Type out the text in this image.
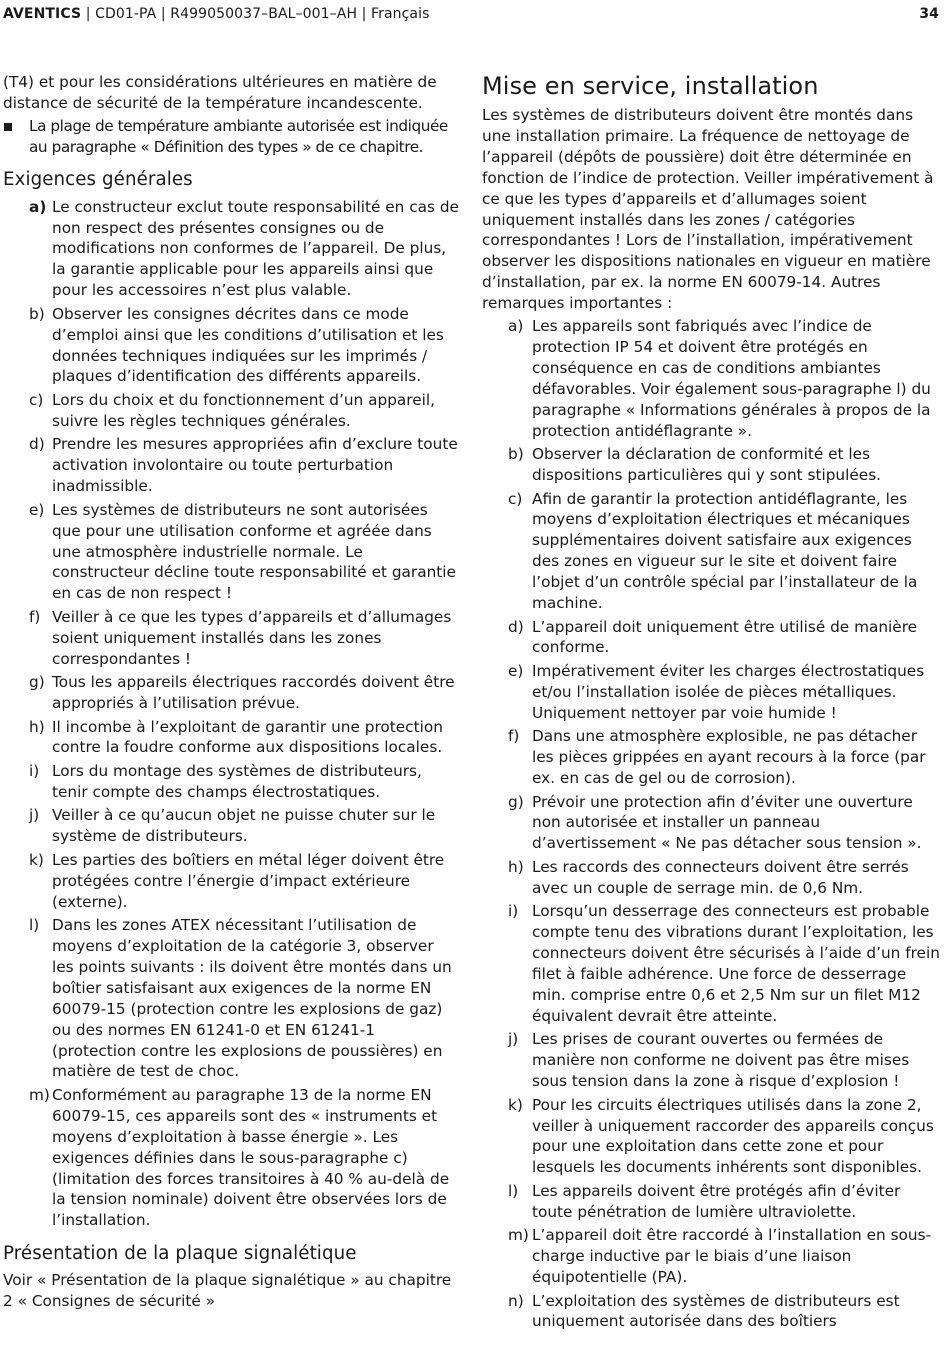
AVENTICS | CD01-PA | R499050037–BAL–001–AH | Français	34

(T4) et pour les considérations ultérieures en matière de distance de sécurité de la température incandescente.

La plage de température ambiante autorisée est indiquée au paragraphe « Définition des types » de ce chapitre.

Exigences générales
a) Le constructeur exclut toute responsabilité en cas de non respect des présentes consignes ou de modifications non conformes de l’appareil. De plus, la garantie applicable pour les appareils ainsi que pour les accessoires n’est plus valable.
b) Observer les consignes décrites dans ce mode d’emploi ainsi que les conditions d’utilisation et les données techniques indiquées sur les imprimés / plaques d’identification des différents appareils.
c) Lors du choix et du fonctionnement d’un appareil, suivre les règles techniques générales.
d) Prendre les mesures appropriées afin d’exclure toute activation involontaire ou toute perturbation inadmissible.
e) Les systèmes de distributeurs ne sont autorisées que pour une utilisation conforme et agréée dans une atmosphère industrielle normale. Le constructeur décline toute responsabilité et garantie en cas de non respect !
f) Veiller à ce que les types d’appareils et d’allumages soient uniquement installés dans les zones correspondantes !
g) Tous les appareils électriques raccordés doivent être appropriés à l’utilisation prévue.
h) Il incombe à l’exploitant de garantir une protection contre la foudre conforme aux dispositions locales.
i) Lors du montage des systèmes de distributeurs, tenir compte des champs électrostatiques.
j) Veiller à ce qu’aucun objet ne puisse chuter sur le système de distributeurs.
k) Les parties des boîtiers en métal léger doivent être protégées contre l’énergie d’impact extérieure (externe).
l) Dans les zones ATEX nécessitant l’utilisation de moyens d’exploitation de la catégorie 3, observer les points suivants : ils doivent être montés dans un boîtier satisfaisant aux exigences de la norme EN 60079-15 (protection contre les explosions de gaz) ou des normes EN 61241-0 et EN 61241-1 (protection contre les explosions de poussières) en matière de test de choc.
m) Conformément au paragraphe 13 de la norme EN 60079-15, ces appareils sont des « instruments et moyens d’exploitation à basse énergie ». Les exigences définies dans le sous-paragraphe c) (limitation des forces transitoires à 40 % au-delà de la tension nominale) doivent être observées lors de l’installation.
Présentation de la plaque signalétique

Voir « Présentation de la plaque signalétique » au chapitre 2 « Consignes de sécurité »

Mise en service, installation

Les systèmes de distributeurs doivent être montés dans une installation primaire. La fréquence de nettoyage de l’appareil (dépôts de poussière) doit être déterminée en fonction de l’indice de protection. Veiller impérativement à ce que les types d’appareils et d’allumages soient uniquement installés dans les zones / catégories correspondantes ! Lors de l’installation, impérativement observer les dispositions nationales en vigueur en matière d’installation, par ex. la norme EN 60079-14. Autres remarques importantes :

a) Les appareils sont fabriqués avec l’indice de protection IP 54 et doivent être protégés en conséquence en cas de conditions ambiantes défavorables. Voir également sous-paragraphe l) du paragraphe « Informations générales à propos de la protection antidéflagrante ».
b) Observer la déclaration de conformité et les dispositions particulières qui y sont stipulées.
c) Afin de garantir la protection antidéflagrante, les moyens d’exploitation électriques et mécaniques supplémentaires doivent satisfaire aux exigences des zones en vigueur sur le site et doivent faire l’objet d’un contrôle spécial par l’installateur de la machine.
d) L’appareil doit uniquement être utilisé de manière conforme.
e) Impérativement éviter les charges électrostatiques et/ou l’installation isolée de pièces métalliques. Uniquement nettoyer par voie humide !
f) Dans une atmosphère explosible, ne pas détacher les pièces grippées en ayant recours à la force (par ex. en cas de gel ou de corrosion).
g) Prévoir une protection afin d’éviter une ouverture non autorisée et installer un panneau d’avertissement « Ne pas détacher sous tension ».
h) Les raccords des connecteurs doivent être serrés avec un couple de serrage min. de 0,6 Nm.
i) Lorsqu’un desserrage des connecteurs est probable compte tenu des vibrations durant l’exploitation, les connecteurs doivent être sécurisés à l’aide d’un frein filet à faible adhérence. Une force de desserrage min. comprise entre 0,6 et 2,5 Nm sur un filet M12 équivalent devrait être atteinte.
j) Les prises de courant ouvertes ou fermées de manière non conforme ne doivent pas être mises sous tension dans la zone à risque d’explosion !
k) Pour les circuits électriques utilisés dans la zone 2, veiller à uniquement raccorder des appareils conçus pour une exploitation dans cette zone et pour lesquels les documents inhérents sont disponibles.
l) Les appareils doivent être protégés afin d’éviter toute pénétration de lumière ultraviolette.
m) L’appareil doit être raccordé à l’installation en sous-charge inductive par le biais d’une liaison équipotentielle (PA).
n) L’exploitation des systèmes de distributeurs est uniquement autorisée dans des boîtiers
